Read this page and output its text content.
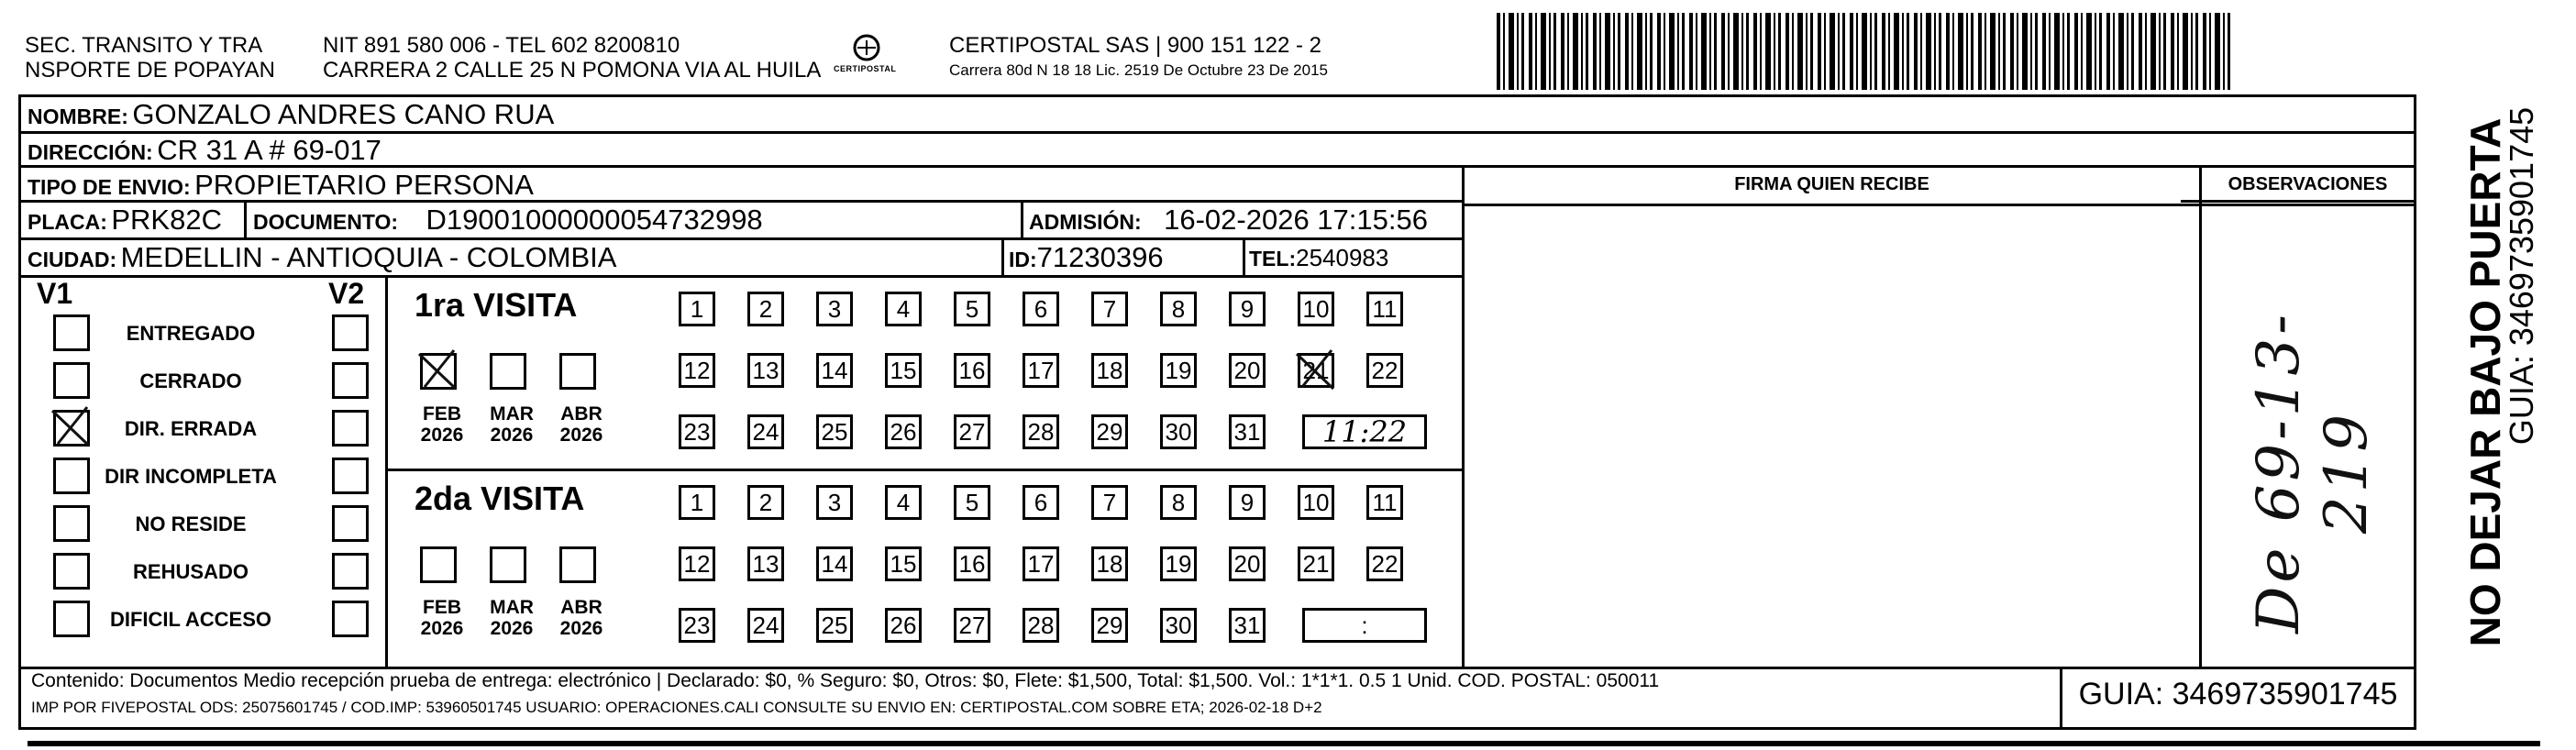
SEC. TRANSITO Y TRA
NSPORTE DE POPAYAN
NIT 891 580 006 - TEL 602 8200810
CARRERA 2 CALLE 25 N POMONA VIA AL HUILA CERTIPOSTAL
CERTIPOSTAL SAS | 900 151 122 - 2
Carrera 80d N 18 18 Lic. 2519 De Octubre 23 De 2015
NOMBRE: GONZALO ANDRES CANO RUA
DIRECCIÓN: CR 31 A # 69-017
TIPO DE ENVIO: PROPIETARIO PERSONA
PLACA: PRK82C DOCUMENTO: D19001000000054732998	ADMISIÓN: 16-02-2026 17:15:56
CIUDAD: MEDELLIN - ANTIOQUIA - COLOMBIA	ID:71230396	TEL:2540983
FIRMA QUIEN RECIBE	OBSERVACIONES
De 69-13-219 NO DEJAR BAJO PUERTA
GUIA: 3469735901745
V1	V2
ENTREGADO
CERRADO
DIR. ERRADA
DIR INCOMPLETA
NO RESIDE
REHUSADO
DIFICIL ACCESO
1ra VISITA
FEB
2026
MAR
2026
ABR
2026
1	2	3	4	5	6	7	8	9	10 11
12 13 14 15 16 17 18 19 20 21 22
23 24 25 26 27 28 29 30 31	11:22
2da VISITA
FEB
2026
MAR
2026
ABR
2026
1	2	3	4	5	6	7	8	9	10 11
12 13 14 15 16 17 18 19 20 21 22
23 24 25 26 27 28 29 30 31	:
Contenido: Documentos Medio recepción prueba de entrega: electrónico | Declarado: $0, % Seguro: $0, Otros: $0, Flete: $1,500, Total: $1,500. Vol.: 1*1*1. 0.5 1 Unid. COD. POSTAL: 050011
IMP POR FIVEPOSTAL ODS: 25075601745 / COD.IMP: 53960501745 USUARIO: OPERACIONES.CALI CONSULTE SU ENVIO EN: CERTIPOSTAL.COM SOBRE ETA; 2026-02-18 D+2	GUIA: 3469735901745
